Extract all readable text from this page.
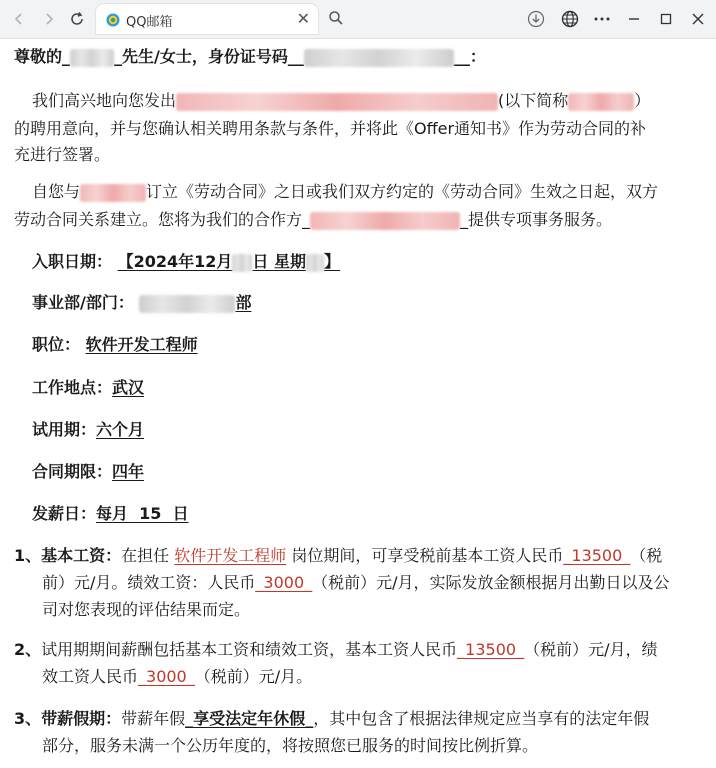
QQ邮箱	✕
尊敬的_	_先生/女士，身份证号码__	__：
我们高兴地向您发出	(以下简称	）
的聘用意向，并与您确认相关聘用条款与条件，并将此《Offer通知书》作为劳动合同的补
充进行签署。
自您与	订立《劳动合同》之日或我们双方约定的《劳动合同》生效之日起，双方
劳动合同关系建立。您将为我们的合作方_	_提供专项事务服务。
入职日期： 【2024年12月 日 星期 】
事业部/部门：	部
职位： 软件开发工程师
工作地点：武汉
试用期：六个月
合同期限：四年
发薪日：每月  15  日
1、基本工资：在担任 软件开发工程师 岗位期间，可享受税前基本工资人民币_13500_（税
前）元/月。绩效工资：人民币_3000_（税前）元/月，实际发放金额根据月出勤日以及公
司对您表现的评估结果而定。
2、试用期期间薪酬包括基本工资和绩效工资，基本工资人民币_13500_（税前）元/月，绩
效工资人民币_3000_（税前）元/月。
3、带薪假期：带薪年假_享受法定年休假_，其中包含了根据法律规定应当享有的法定年假
部分，服务未满一个公历年度的，将按照您已服务的时间按比例折算。
